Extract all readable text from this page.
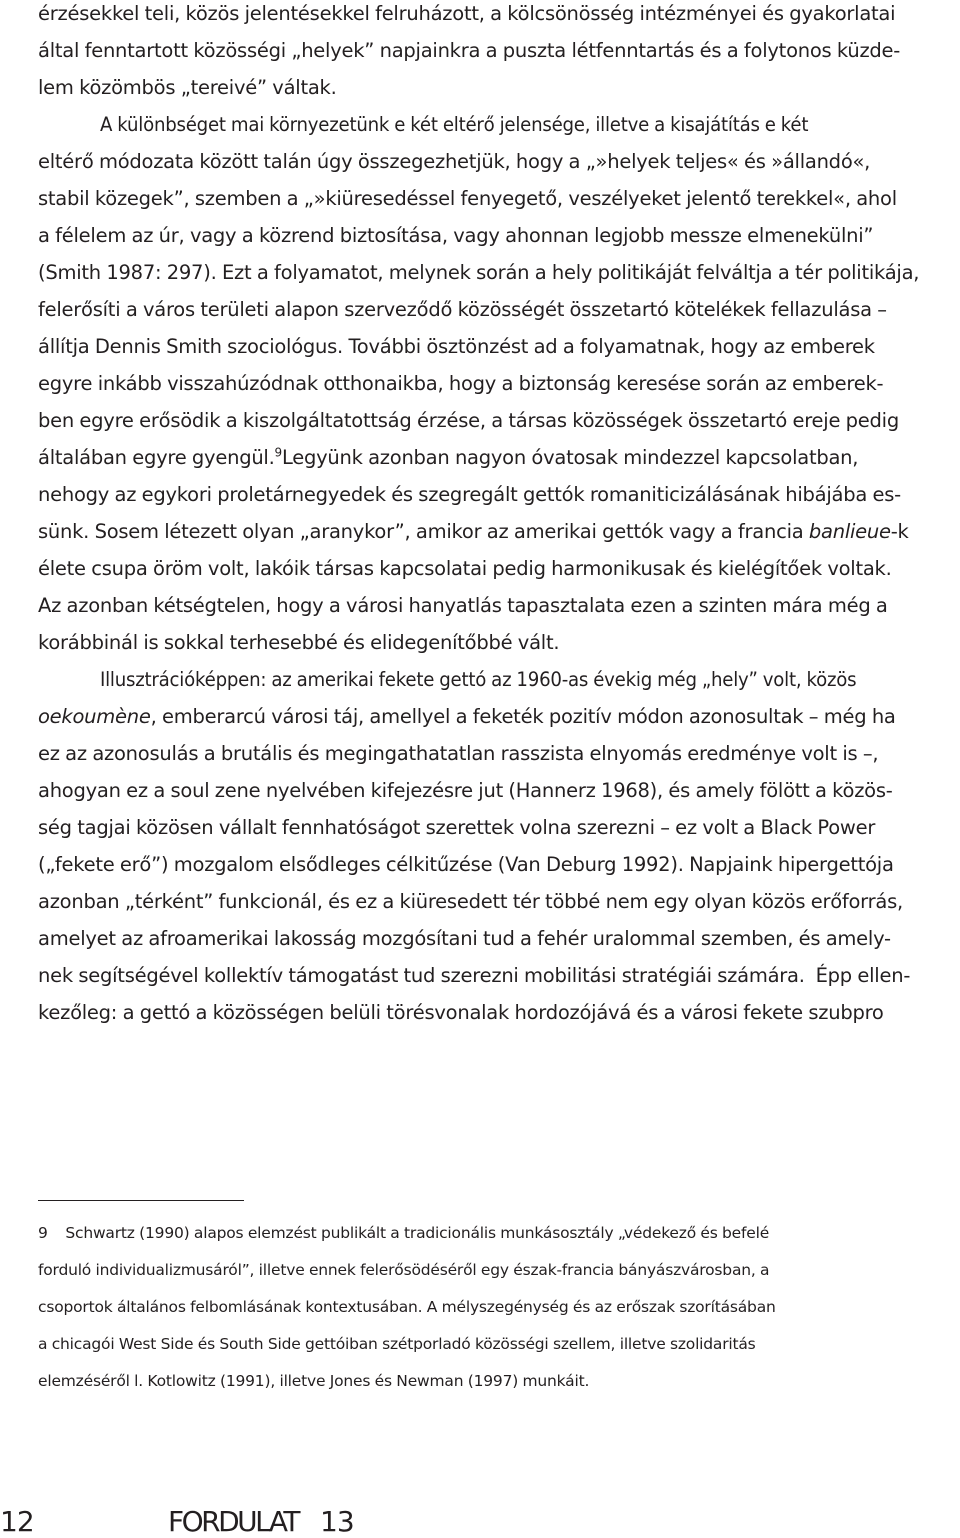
érzésekkel teli, közös jelentésekkel felruházott, a kölcsönösség intézményei és gyakorlatai
által fenntartott közösségi „helyek” napjainkra a puszta létfenntartás és a folytonos küzde-
lem közömbös „tereivé” váltak.
A különbséget mai környezetünk e két eltérő jelensége, illetve a kisajátítás e két
eltérő módozata között talán úgy összegezhetjük, hogy a „»helyek teljes« és »állandó«,
stabil közegek”, szemben a „»kiüresedéssel fenyegető, veszélyeket jelentő terekkel«, ahol
a félelem az úr, vagy a közrend biztosítása, vagy ahonnan legjobb messze elmenekülni”
(Smith 1987: 297). Ezt a folyamatot, melynek során a hely politikáját felváltja a tér politikája,
felerősíti a város területi alapon szerveződő közösségét összetartó kötelékek fellazulása –
állítja Dennis Smith szociológus. További ösztönzést ad a folyamatnak, hogy az emberek
egyre inkább visszahúzódnak otthonaikba, hogy a biztonság keresése során az emberek-
ben egyre erősödik a kiszolgáltatottság érzése, a társas közösségek összetartó ereje pedig
általában egyre gyengül.$^9$Legyünk azonban nagyon óvatosak mindezzel kapcsolatban,
nehogy az egykori proletárnegyedek és szegregált gettók romaniticizálásának hibájába es-
sünk. Sosem létezett olyan „aranykor”, amikor az amerikai gettók vagy a francia banlieue-k
élete csupa öröm volt, lakóik társas kapcsolatai pedig harmonikusak és kielégítőek voltak.
Az azonban kétségtelen, hogy a városi hanyatlás tapasztalata ezen a szinten mára még a
korábbinál is sokkal terhesebbé és elidegenítőbbé vált.
Illusztrációképpen: az amerikai fekete gettó az 1960-as évekig még „hely” volt, közös
oekoumène, emberarcú városi táj, amellyel a feketék pozitív módon azonosultak – még ha
ez az azonosulás a brutális és megingathatatlan rasszista elnyomás eredménye volt is –,
ahogyan ez a soul zene nyelvében kifejezésre jut (Hannerz 1968), és amely fölött a közös-
ség tagjai közösen vállalt fennhatóságot szerettek volna szerezni – ez volt a Black Power
(„fekete erő”) mozgalom elsődleges célkitűzése (Van Deburg 1992). Napjaink hipergettója
azonban „térként” funkcionál, és ez a kiüresedett tér többé nem egy olyan közös erőforrás,
amelyet az afroamerikai lakosság mozgósítani tud a fehér uralommal szemben, és amely-
nek segítségével kollektív támogatást tud szerezni mobilitási stratégiái számára.  Épp ellen-
kezőleg: a gettó a közösségen belüli törésvonalak hordozójává és a városi fekete szubpro
9    Schwartz (1990) alapos elemzést publikált a tradicionális munkásosztály „védekező és befelé
forduló individualizmusáról”, illetve ennek felerősödéséről egy észak-francia bányászvárosban, a
csoportok általános felbomlásának kontextusában. A mélyszegénység és az erőszak szorításában
a chicagói West Side és South Side gettóiban szétporladó közösségi szellem, illetve szolidaritás
elemzéséről l. Kotlowitz (1991), illetve Jones és Newman (1997) munkáit.
12	FORDULAT 13
